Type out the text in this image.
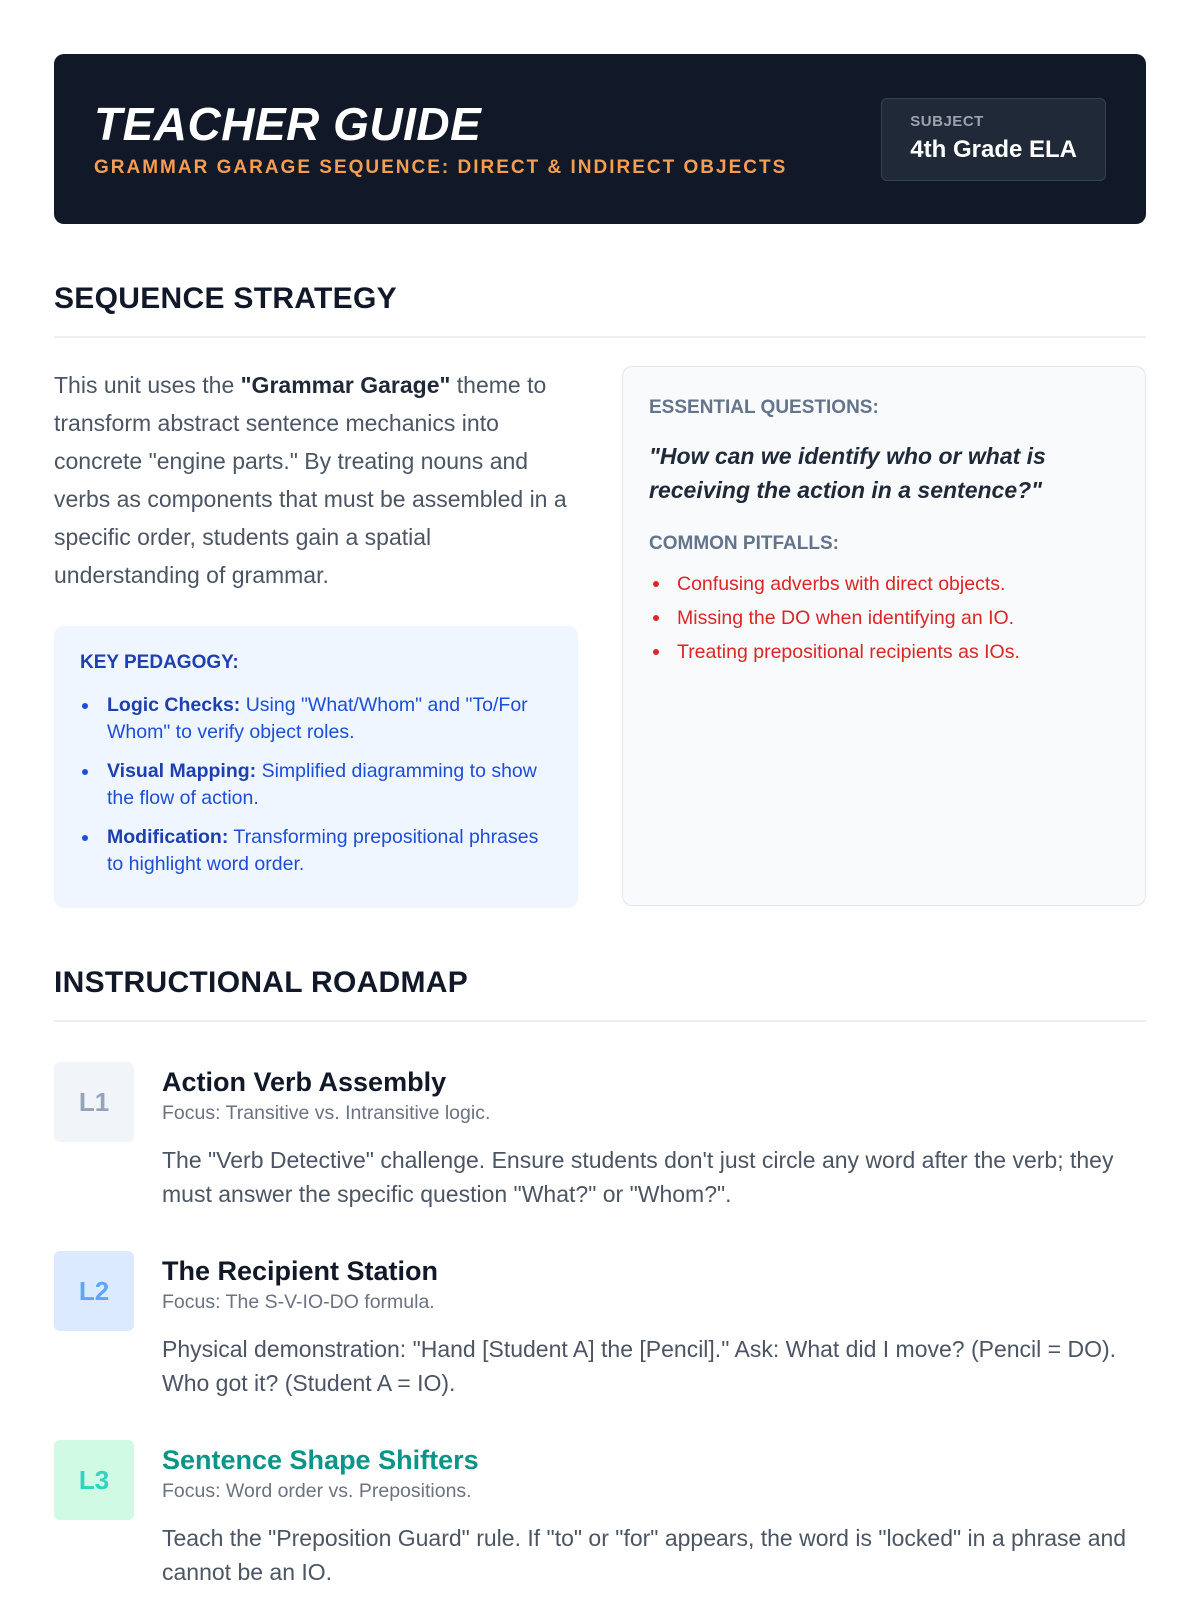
TEACHER GUIDE
GRAMMAR GARAGE SEQUENCE: DIRECT & INDIRECT OBJECTS
SUBJECT
4th Grade ELA
SEQUENCE STRATEGY

This unit uses the "Grammar Garage" theme to transform abstract sentence mechanics into concrete "engine parts." By treating nouns and verbs as components that must be assembled in a specific order, students gain a spatial understanding of grammar.

KEY PEDAGOGY:
Logic Checks: Using "What/Whom" and "To/For Whom" to verify object roles.
Visual Mapping: Simplified diagramming to show the flow of action.
Modification: Transforming prepositional phrases to highlight word order.
ESSENTIAL QUESTIONS:
"How can we identify who or what is receiving the action in a sentence?"
COMMON PITFALLS:
Confusing adverbs with direct objects.
Missing the DO when identifying an IO.
Treating prepositional recipients as IOs.
INSTRUCTIONAL ROADMAP
L1
Action Verb Assembly
Focus: Transitive vs. Intransitive logic.
The "Verb Detective" challenge. Ensure students don't just circle any word after the verb; they must answer the specific question "What?" or "Whom?".
L2
The Recipient Station
Focus: The S-V-IO-DO formula.
Physical demonstration: "Hand [Student A] the [Pencil]." Ask: What did I move? (Pencil = DO). Who got it? (Student A = IO).
L3
Sentence Shape Shifters
Focus: Word order vs. Prepositions.
Teach the "Preposition Guard" rule. If "to" or "for" appears, the word is "locked" in a phrase and cannot be an IO.
